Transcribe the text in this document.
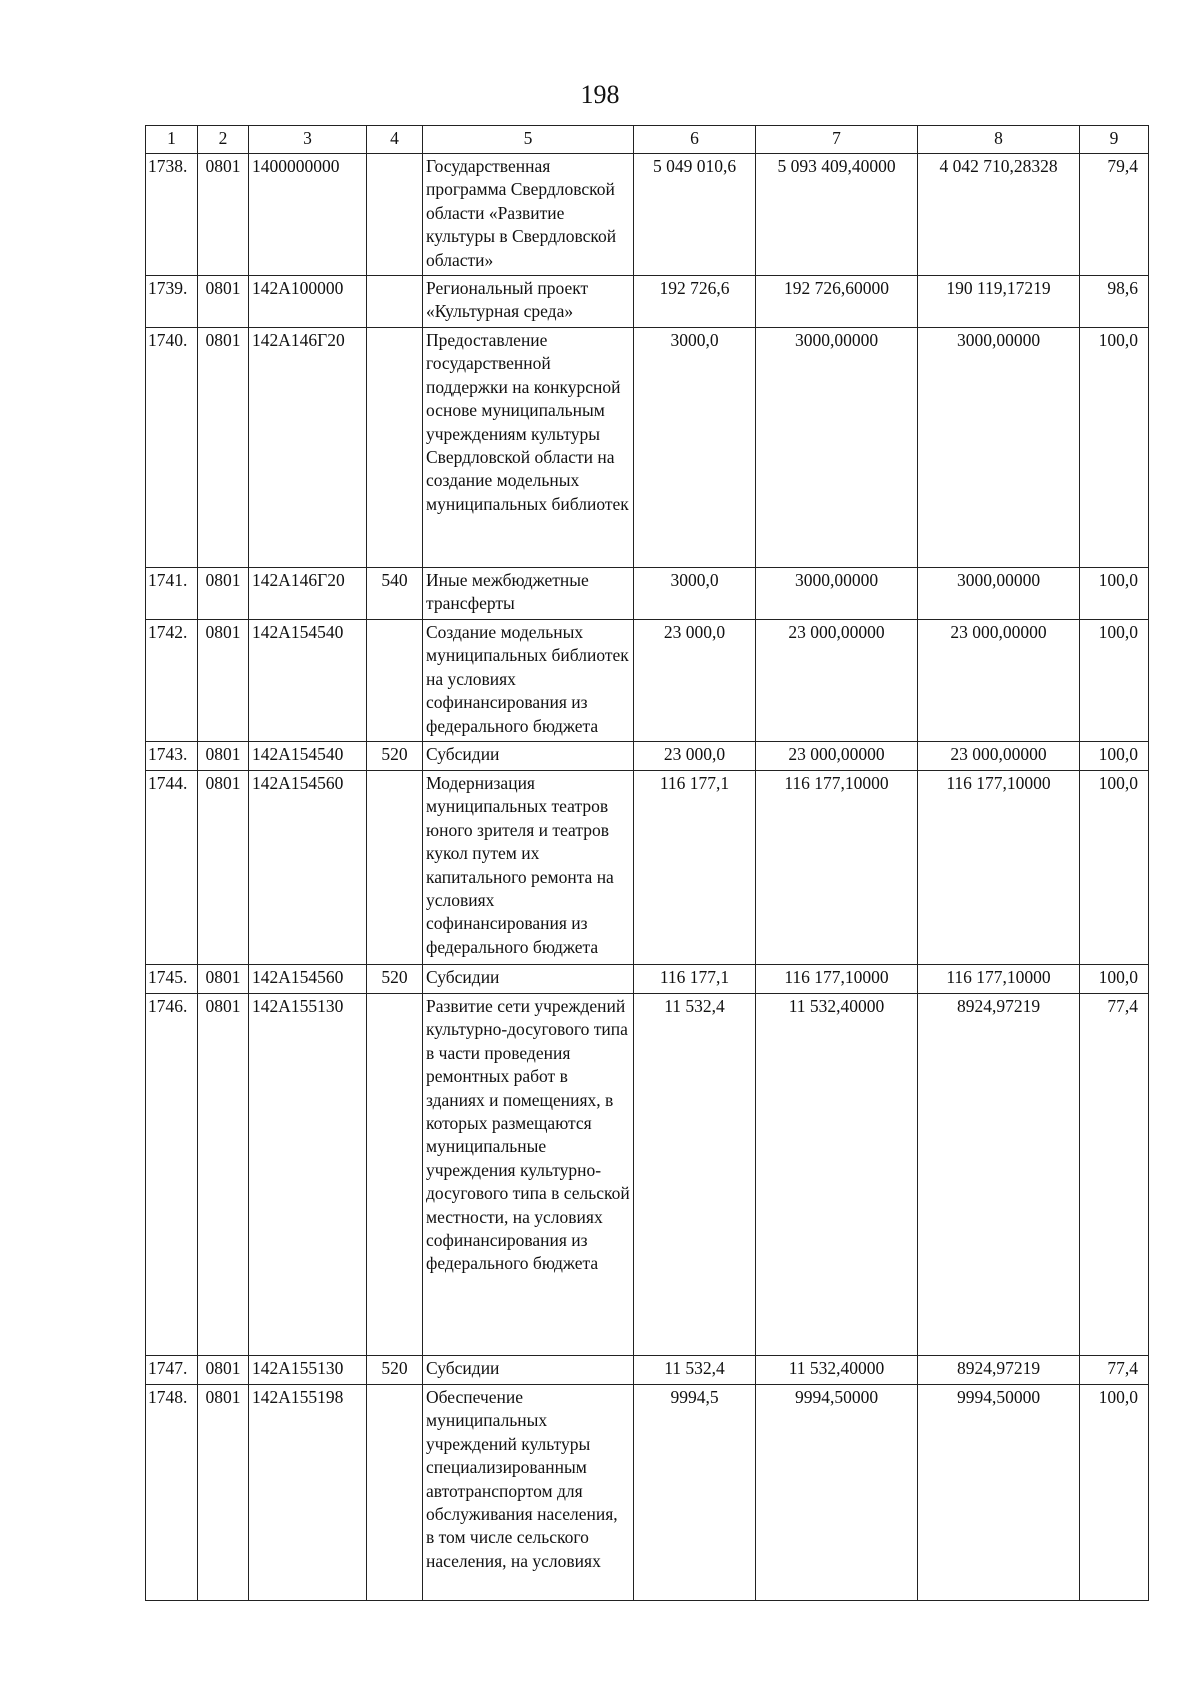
198
1	2	3	4	5	6	7	8	9
1738.	0801	1400000000		Государственная программа Свердловской области «Развитие культуры в Свердловской области»	5 049 010,6	5 093 409,40000	4 042 710,28328	79,4
1739.	0801	142А100000		Региональный проект «Культурная среда»	192 726,6	192 726,60000	190 119,17219	98,6
1740.	0801	142А146Г20		Предоставление государственной поддержки на конкурсной основе муниципальным учреждениям культуры Свердловской области на создание модельных муниципальных библиотек	3000,0	3000,00000	3000,00000	100,0
1741.	0801	142А146Г20	540	Иные межбюджетные трансферты	3000,0	3000,00000	3000,00000	100,0
1742.	0801	142А154540		Создание модельных муниципальных библиотек на условиях софинансирования из федерального бюджета	23 000,0	23 000,00000	23 000,00000	100,0
1743.	0801	142А154540	520	Субсидии	23 000,0	23 000,00000	23 000,00000	100,0
1744.	0801	142А154560		Модернизация муниципальных театров юного зрителя и театров кукол путем их капитального ремонта на условиях софинансирования из федерального бюджета	116 177,1	116 177,10000	116 177,10000	100,0
1745.	0801	142А154560	520	Субсидии	116 177,1	116 177,10000	116 177,10000	100,0
1746.	0801	142А155130		Развитие сети учреждений культурно-досугового типа в части проведения ремонтных работ в зданиях и помещениях, в которых размещаются муниципальные учреждения культурно-досугового типа в сельской местности, на условиях софинансирования из федерального бюджета	11 532,4	11 532,40000	8924,97219	77,4
1747.	0801	142А155130	520	Субсидии	11 532,4	11 532,40000	8924,97219	77,4
1748.	0801	142А155198		Обеспечение муниципальных учреждений культуры специализированным автотранспортом для обслуживания населения, в том числе сельского населения, на условиях	9994,5	9994,50000	9994,50000	100,0
